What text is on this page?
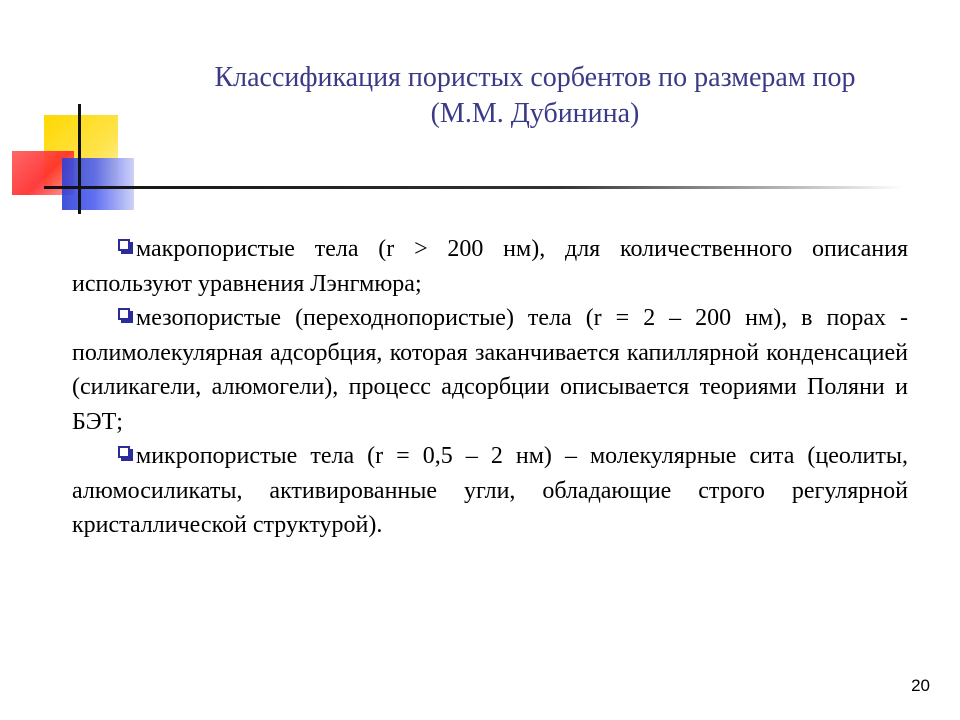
Классификация пористых сорбентов по размерам пор
(М.М. Дубинина)

макропористые тела (r > 200 нм), для количественного описания используют уравнения Лэнгмюра;

мезопористые (переходнопористые) тела (r = 2 – 200 нм), в порах - полимолекулярная адсорбция, которая заканчивается капиллярной конденсацией (силикагели, алюмогели), процесс адсорбции описывается теориями Поляни и БЭТ;

микропористые тела (r = 0,5 – 2 нм) – молекулярные сита (цеолиты, алюмосиликаты, активированные угли, обладающие строго регулярной кристаллической структурой).

20
